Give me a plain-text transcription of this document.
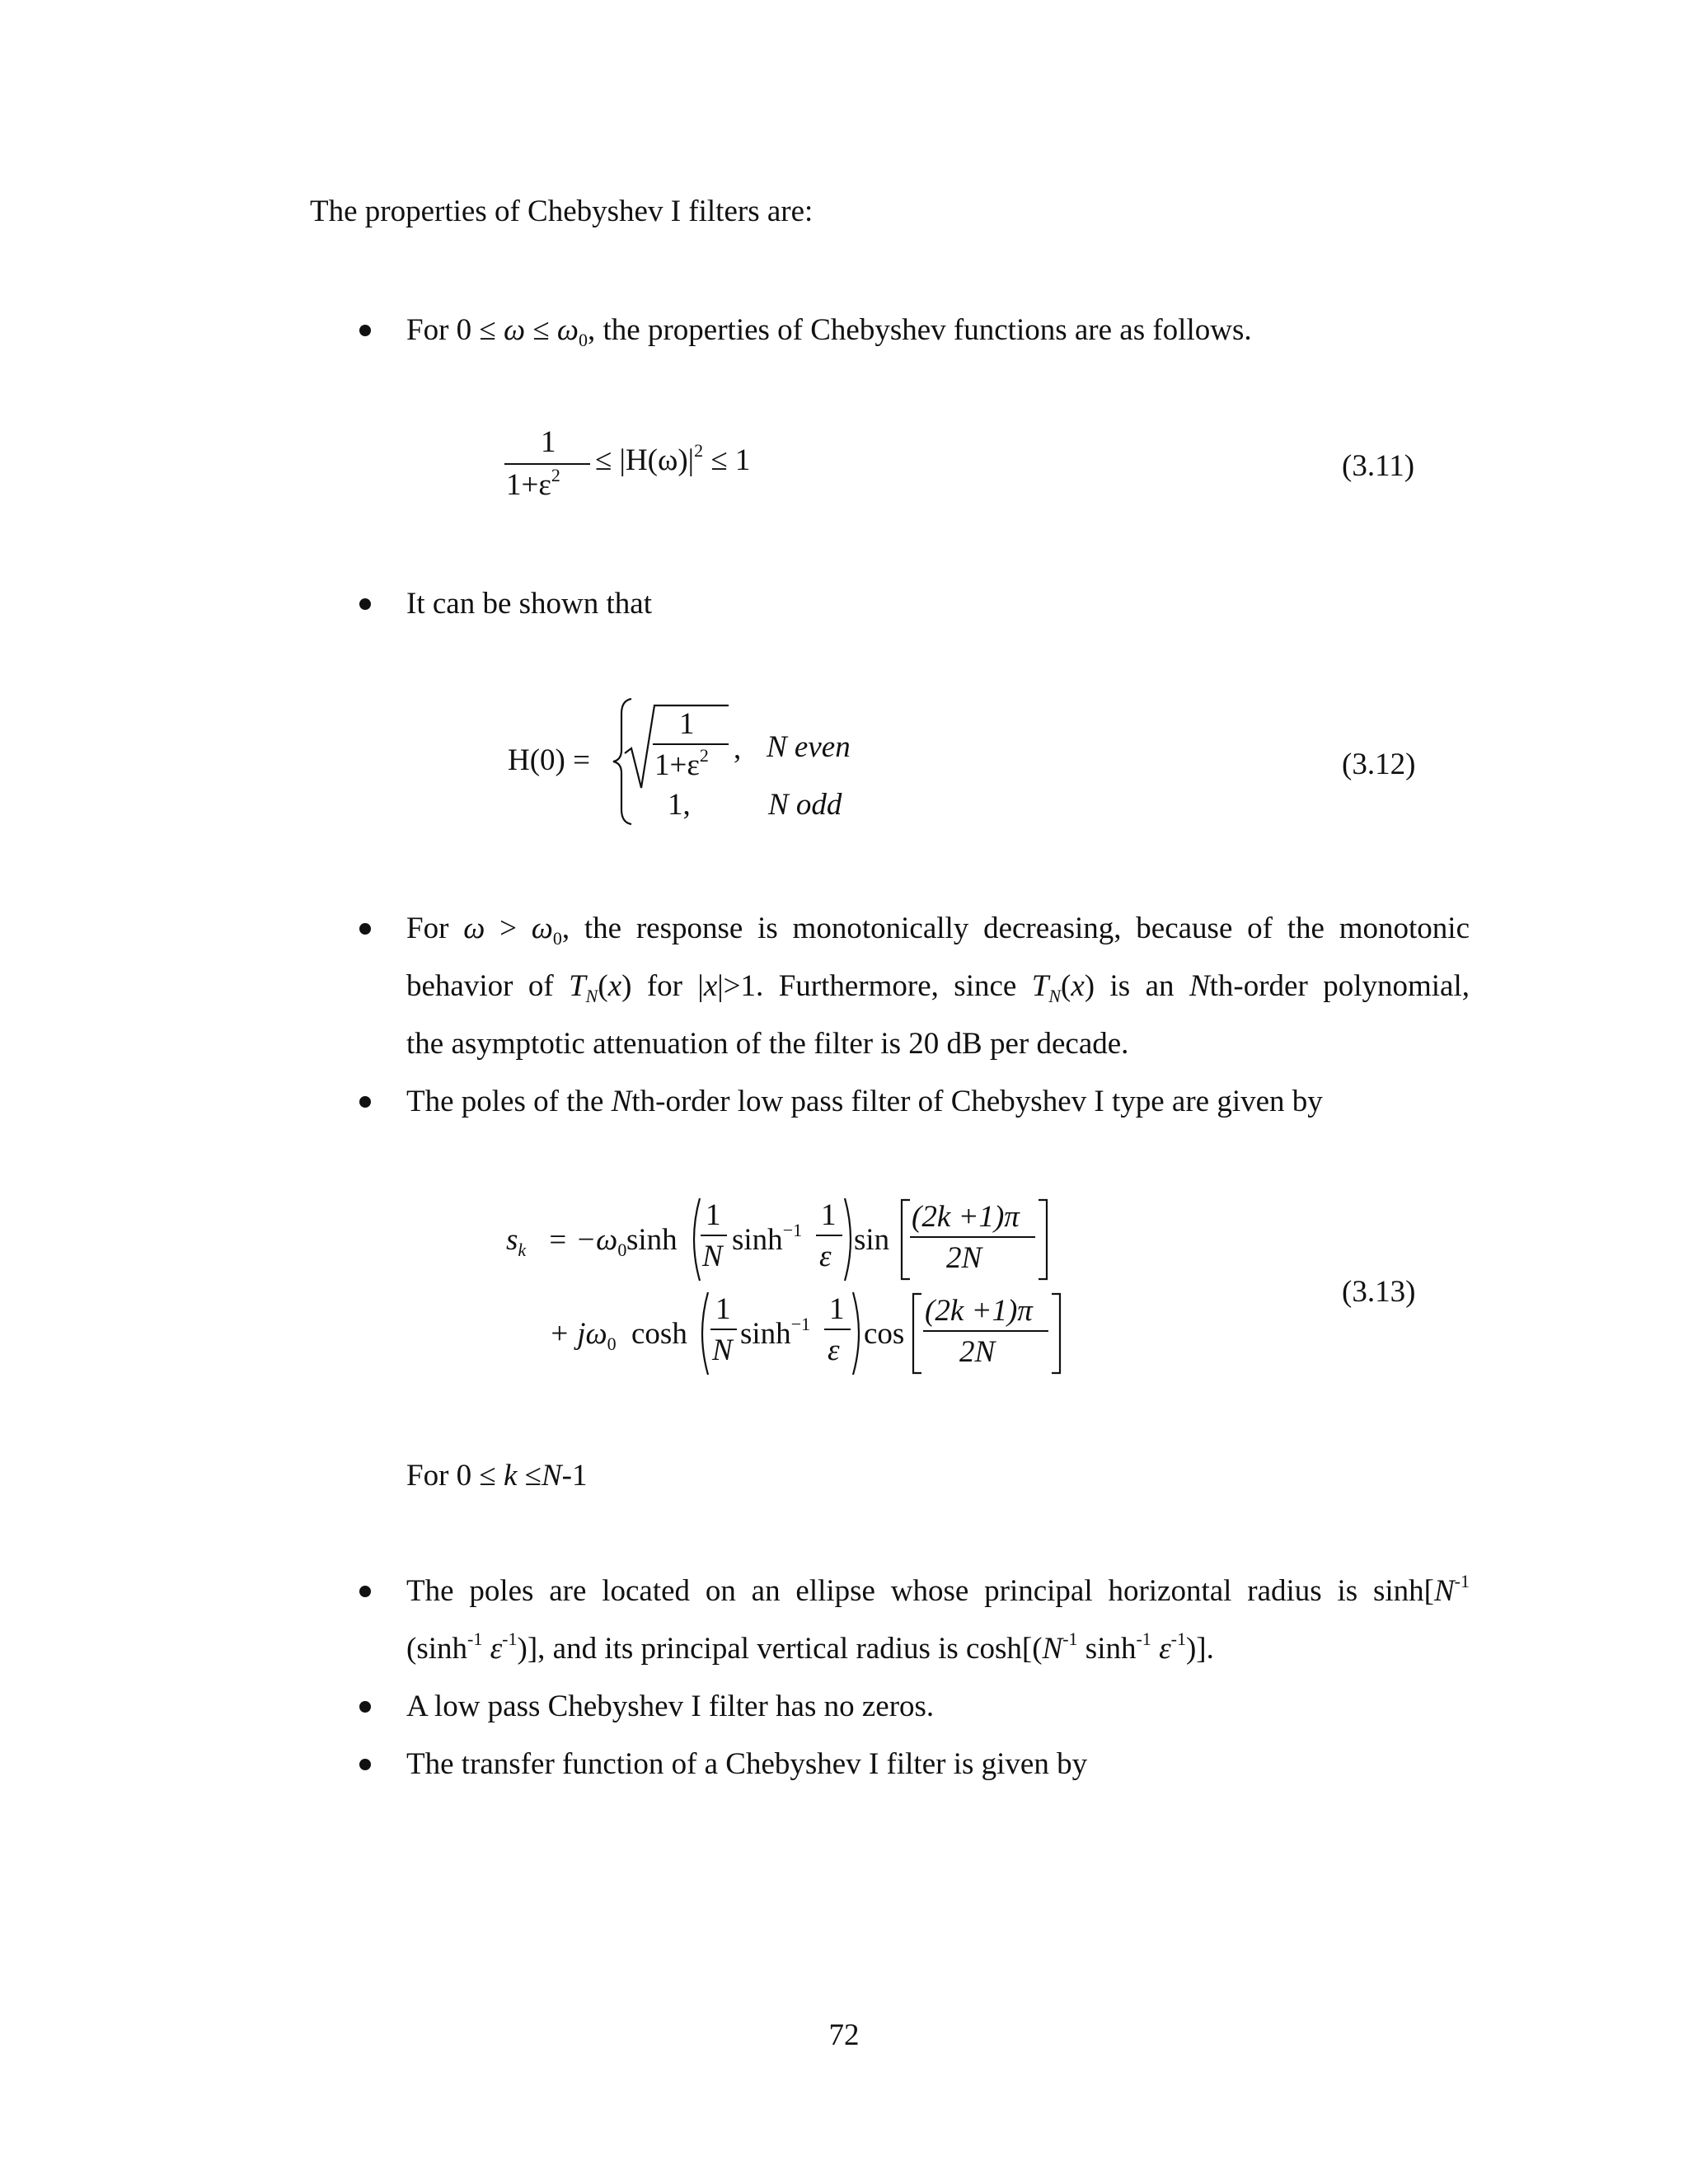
The properties of Chebyshev I filters are:
For $0 \le \omega \le \omega_0$, the properties of Chebyshev functions are as follows.
1
$1+\varepsilon^2 \le |H(\omega)|^2 \le 1$	(3.11)
It can be shown that
H(0) =
1
$1+\varepsilon^2$ , N even
1,	N odd
(3.12)
For $\omega > \omega_0$, the response is monotonically decreasing, because of the monotonic
behavior of $T_N(x)$ for |x|>1. Furthermore, since $T_N(x)$ is an Nth-order polynomial,
the asymptotic attenuation of the filter is 20 dB per decade.
The poles of the Nth-order low pass filter of Chebyshev I type are given by
$s_k = -\omega_0$ sinh
1
N $\sinh^{-1} 1$
ε sin
(2k +1)π
2N
+ $j\omega_0$ cosh
1
N $\sinh^{-1} 1$
ε cos
(2k +1)π
2N
(3.13)
For 0 ≤ k ≤N-1
The poles are located on an ellipse whose principal horizontal radius is $\sinh[N^{-1}$
($\sinh^{-1}$ $\varepsilon^{-1}$)], and its principal vertical radius is $\cosh[(N^{-1}$ $\sinh^{-1} \varepsilon^{-1}$)].
A low pass Chebyshev I filter has no zeros.
The transfer function of a Chebyshev I filter is given by
72
